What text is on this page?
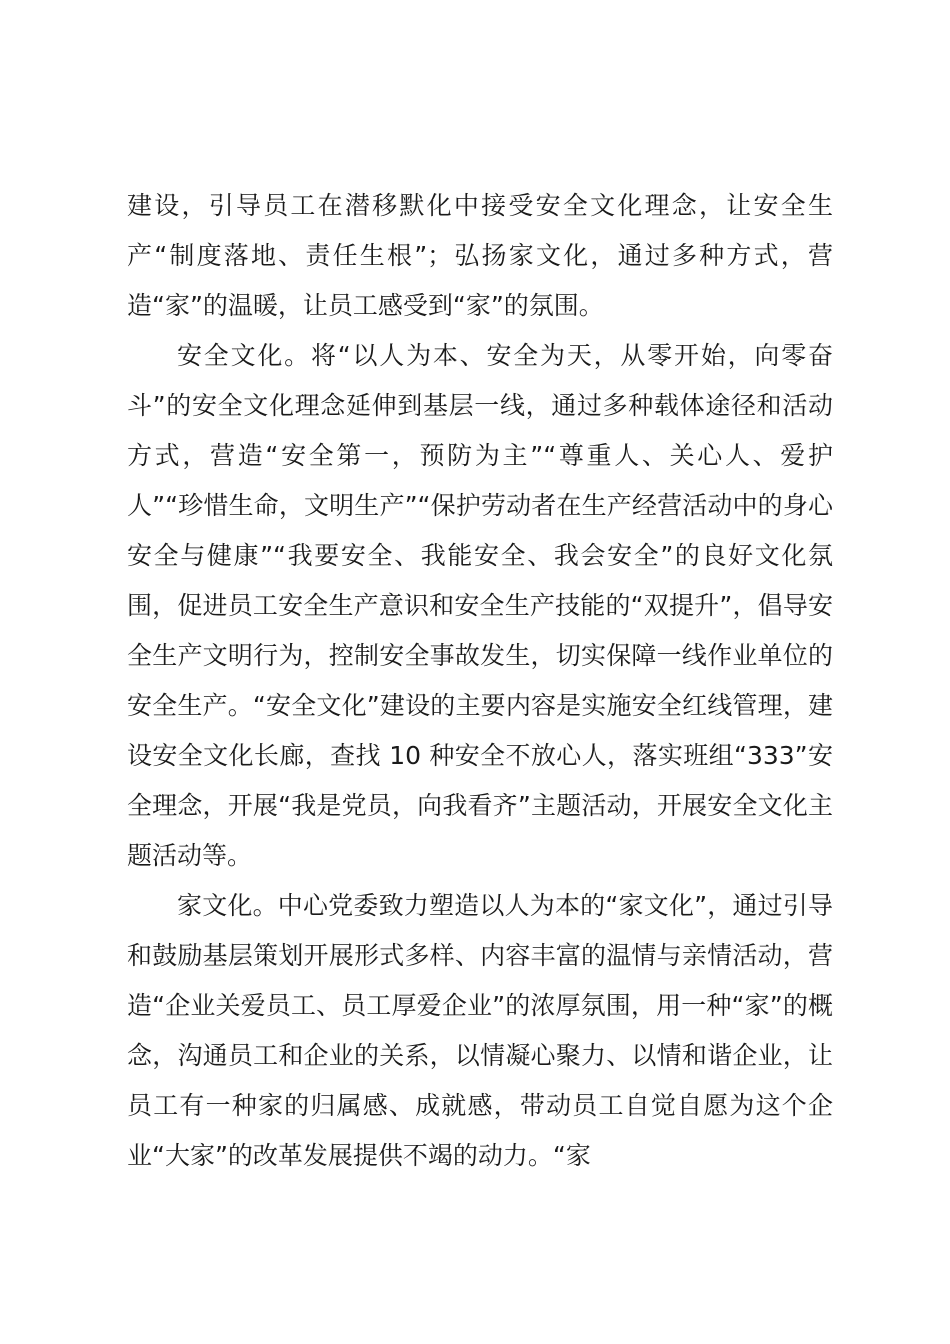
建设，引导员工在潜移默化中接受安全文化理念，让安全生产“制度落地、责任生根”；弘扬家文化，通过多种方式，营造“家”的温暖，让员工感受到“家”的氛围。

安全文化。将“以人为本、安全为天，从零开始，向零奋斗”的安全文化理念延伸到基层一线，通过多种载体途径和活动方式，营造“安全第一，预防为主”“尊重人、关心人、爱护人”“珍惜生命，文明生产”“保护劳动者在生产经营活动中的身心安全与健康”“我要安全、我能安全、我会安全”的良好文化氛围，促进员工安全生产意识和安全生产技能的“双提升”，倡导安全生产文明行为，控制安全事故发生，切实保障一线作业单位的安全生产。“安全文化”建设的主要内容是实施安全红线管理，建设安全文化长廊，查找 10 种安全不放心人，落实班组“333”安全理念，开展“我是党员，向我看齐”主题活动，开展安全文化主题活动等。

家文化。中心党委致力塑造以人为本的“家文化”，通过引导和鼓励基层策划开展形式多样、内容丰富的温情与亲情活动，营造“企业关爱员工、员工厚爱企业”的浓厚氛围，用一种“家”的概念，沟通员工和企业的关系，以情凝心聚力、以情和谐企业，让员工有一种家的归属感、成就感，带动员工自觉自愿为这个企业“大家”的改革发展提供不竭的动力。“家
